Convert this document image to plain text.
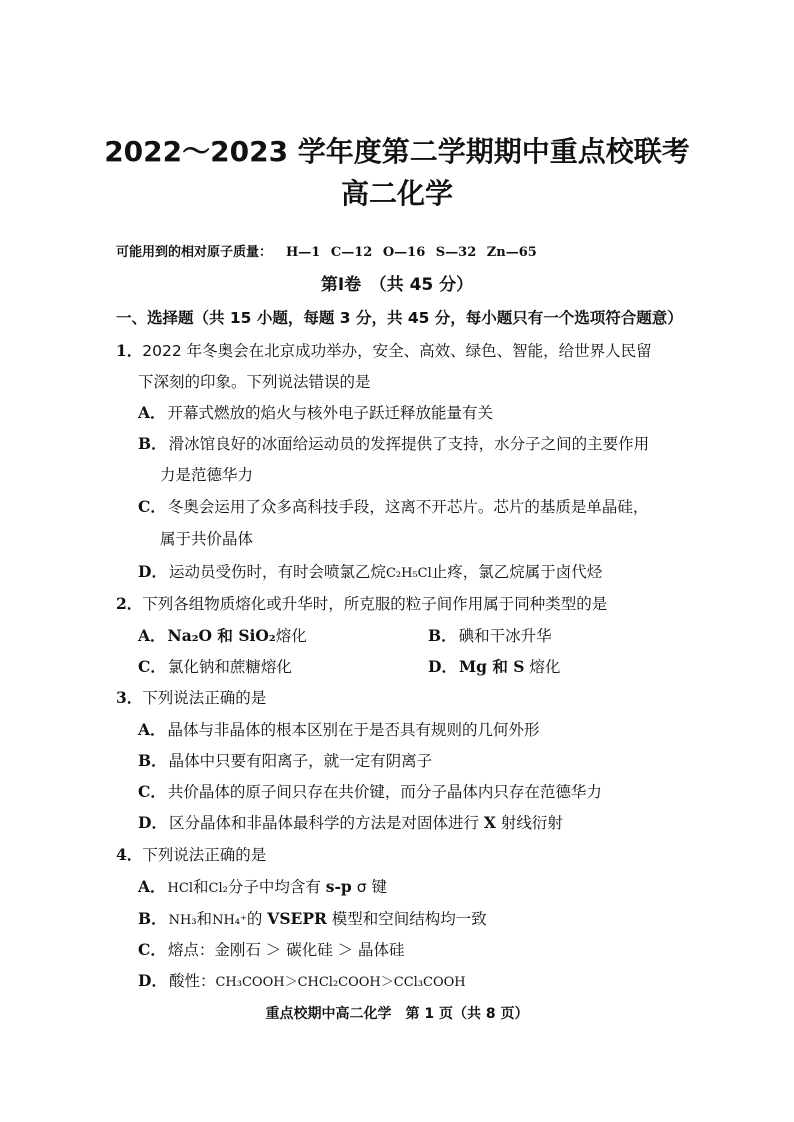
2022～2023 学年度第二学期期中重点校联考
高二化学
可能用到的相对原子质量： H—1 C—12 O—16 S—32 Zn—65
第Ⅰ卷　（共 45 分）
一、选择题（共 15 小题，每题 3 分，共 45 分，每小题只有一个选项符合题意）
1．2022 年冬奥会在北京成功举办，安全、高效、绿色、智能，给世界人民留
下深刻的印象。下列说法错误的是
A． 开幕式燃放的焰火与核外电子跃迁释放能量有关
B． 滑冰馆良好的冰面给运动员的发挥提供了支持，水分子之间的主要作用
力是范德华力
C． 冬奥会运用了众多高科技手段，这离不开芯片。芯片的基质是单晶硅，
属于共价晶体
D． 运动员受伤时，有时会喷氯乙烷C₂H₅Cl止疼，氯乙烷属于卤代烃
2．下列各组物质熔化或升华时，所克服的粒子间作用属于同种类型的是
A． Na₂O 和 SiO₂熔化	B． 碘和干冰升华
C． 氯化钠和蔗糖熔化	D． Mg 和 S 熔化
3．下列说法正确的是
A． 晶体与非晶体的根本区别在于是否具有规则的几何外形
B． 晶体中只要有阳离子，就一定有阴离子
C． 共价晶体的原子间只存在共价键，而分子晶体内只存在范德华力
D． 区分晶体和非晶体最科学的方法是对固体进行 X 射线衍射
4．下列说法正确的是
A． HCl和Cl₂分子中均含有 s-p σ 键
B． NH₃和NH₄⁺的 VSEPR 模型和空间结构均一致
C． 熔点：金刚石 ＞ 碳化硅 ＞ 晶体硅
D． 酸性：CH₃COOH＞CHCl₂COOH＞CCl₃COOH
重点校期中高二化学　第 1 页（共 8 页）
